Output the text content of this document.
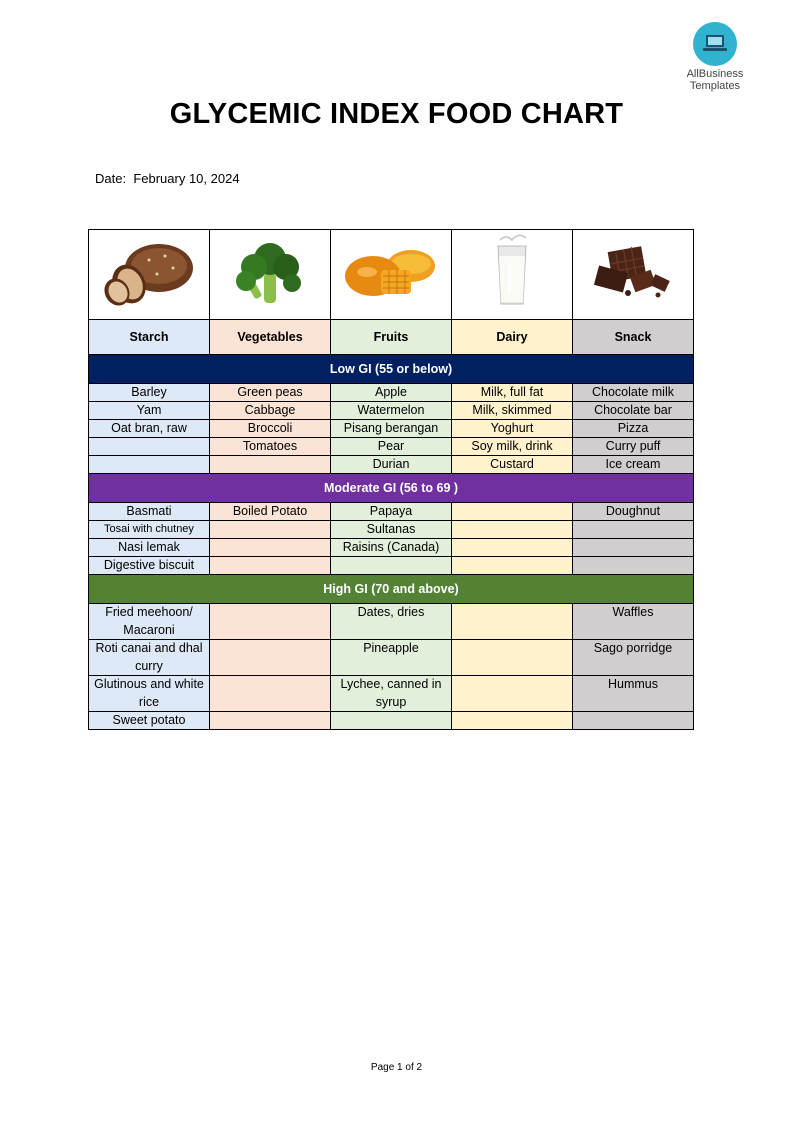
AllBusiness
Templates
GLYCEMIC INDEX FOOD CHART
Date: February 10, 2024

Starch	Vegetables	Fruits	Dairy	Snack
Low GI (55 or below)				
Barley	Green peas	Apple	Milk, full fat	Chocolate milk
Yam	Cabbage	Watermelon	Milk, skimmed	Chocolate bar
Oat bran, raw	Broccoli	Pisang berangan	Yoghurt	Pizza
	Tomatoes	Pear	Soy milk, drink	Curry puff
		Durian	Custard	Ice cream
Moderate GI (56 to 69 )				
Basmati	Boiled Potato	Papaya		Doughnut
Tosai with chutney		Sultanas		
Nasi lemak		Raisins (Canada)		
Digestive biscuit				
High GI (70 and above)				
Fried meehoon/ Macaroni		Dates, dries		Waffles
Roti canai and dhal curry		Pineapple		Sago porridge
Glutinous and white rice		Lychee, canned in syrup		Hummus
Sweet potato				
Page 1 of 2
